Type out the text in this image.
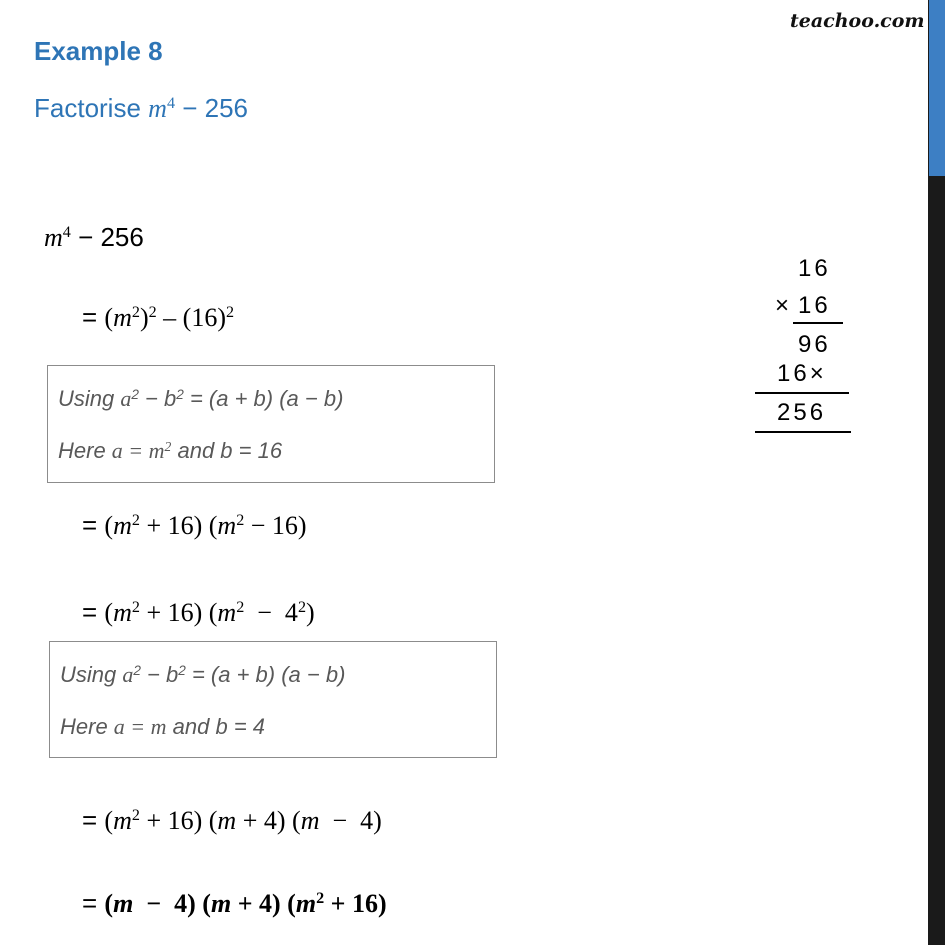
teachoo.com
Example 8
Factorise $m^4 - 256$
$m^4 - 256$
= $(m^2)^2 - (16)^2$
Using $a^2 - b^2 = (a + b) (a - b)$
Here $a = m^2$ and b = 16
= $(m^2 + 16) (m^2 - 16)$
= $(m^2 + 16) (m^2 - 4^2)$
Using $a^2 - b^2 = (a + b) (a - b)$
Here a = m and b = 4
= $(m^2 + 16) (m + 4) (m - 4)$
= (m  −  4) (m + 4) $(m^2 + 16)$
16
× 16
96
16×
256
